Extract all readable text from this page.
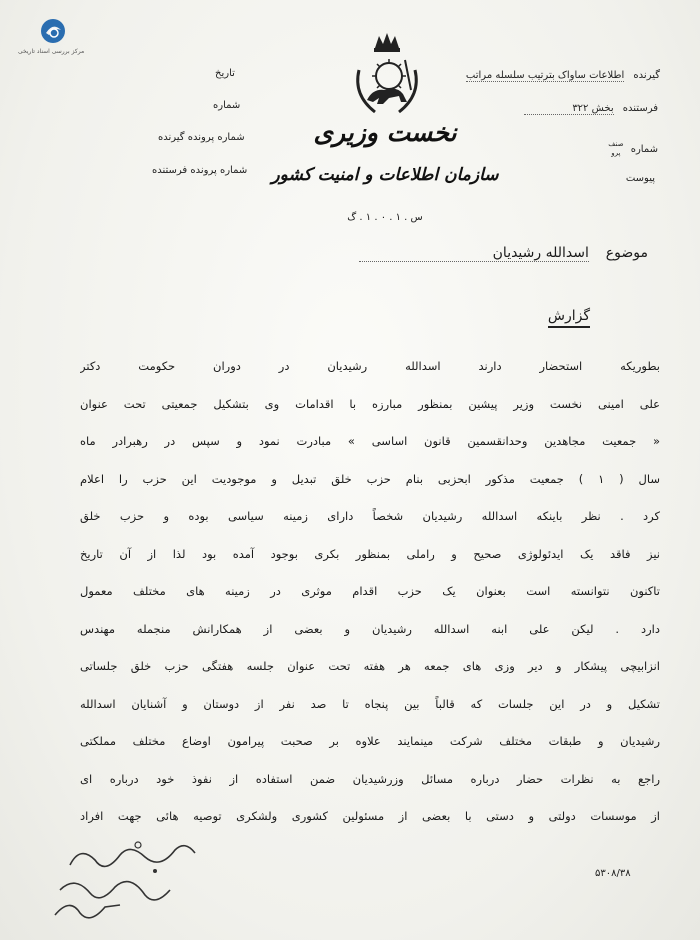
مرکز بررسی اسناد تاریخی
تاریخ
شماره
شماره پرونده گیرنده
شماره پرونده فرستنده
نخست وزیری
سازمان اطلاعات و امنیت کشور
س . ۱ . ۰ . ۱ . گ
گیرنده اطلاعات ساواک بترتیب سلسله مراتب
فرستنده بخش ۳۲۲
شماره صنف
پرو
پیوست
موضوع  اسدالله رشیدیان
گزارش
بطوریکه استحضار دارند اسدالله رشیدیان در دوران حکومت دکتر
علی امینی نخست وزیر پیشین بمنظور مبارزه با اقدامات وی بتشکیل جمعیتی تحت عنوان
« جمعیت مجاهدین وحدانقسمین قانون اساسی » مبادرت نمود و سپس در رهبرادر ماه
سال ( ۱ ) جمعیت مذکور ابحزبی بنام حزب خلق تبدیل و موجودیت این حزب را اعلام
کرد . نظر باینکه اسدالله رشیدیان شخصاً دارای زمینه سیاسی بوده و حزب خلق
نیز فاقد یک ایدئولوژی صحیح و راملی بمنظور بکری بوجود آمده بود لذا از آن تاریخ
تاکنون نتوانسته است بعنوان یک حزب اقدام موثری در زمینه های مختلف معمول
دارد . لیکن علی ابنه اسدالله رشیدیان و بعضی از همکارانش منجمله مهندس
انزابیچی پیشکار و دیر وزی های جمعه هر هفته تحت عنوان جلسه هفتگی حزب خلق جلساتی
تشکیل و در این جلسات که قالباً بین پنجاه تا صد نفر از دوستان و آشنایان اسدالله
رشیدیان و طبقات مختلف شرکت مینمایند علاوه بر صحبت پیرامون اوضاع مختلف مملکتی
راجع به نظرات حضار درباره مسائل وزرشیدیان ضمن استفاده از نفوذ خود درباره ای
از موسسات دولتی و دستی با بعضی از مسئولین کشوری ولشکری توصیه هائی جهت افراد
۵۳۰۸/۳۸
